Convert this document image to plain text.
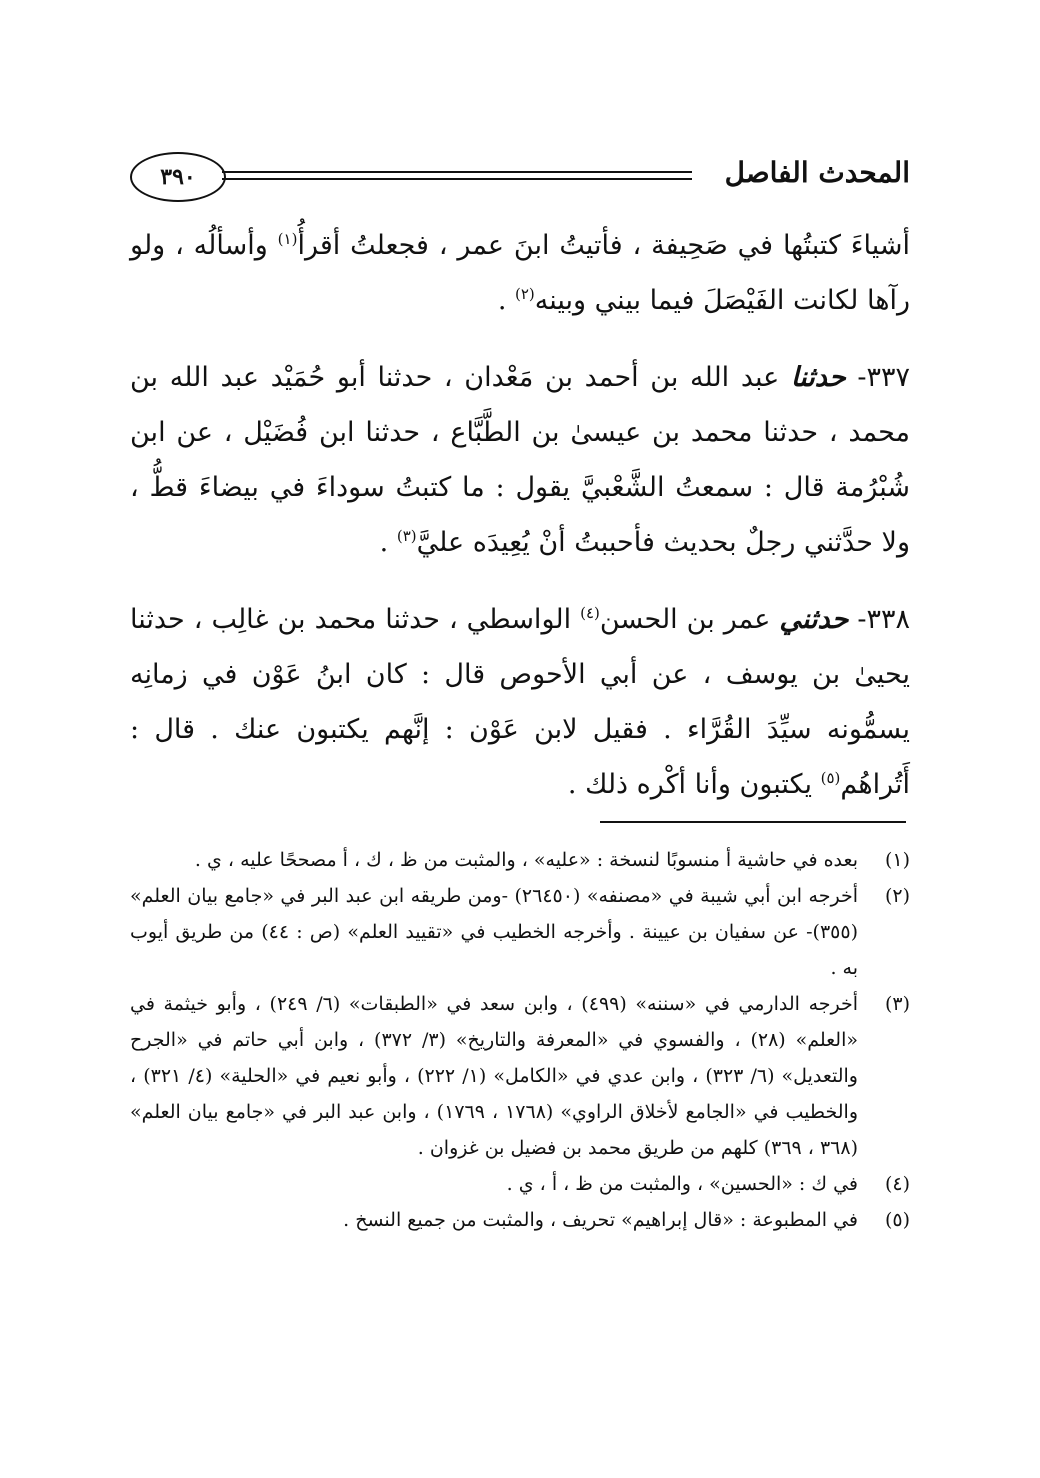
٣٩٠	المحدث الفاصل

أشياءَ كتبتُها في صَحِيفة ، فأتيتُ ابنَ عمر ، فجعلتُ أقرأُ$^{(١)}$ وأسألُه ، ولو رآها لكانت الفَيْصَلَ فيما بيني وبينه$^{(٢)}$ .

٣٣٧- حدثنا عبد الله بن أحمد بن مَعْدان ، حدثنا أبو حُمَيْد عبد الله بن محمد ، حدثنا محمد بن عيسىٰ بن الطَّبَّاع ، حدثنا ابن فُضَيْل ، عن ابن شُبْرُمة قال : سمعتُ الشَّعْبيَّ يقول : ما كتبتُ سوداءَ في بيضاءَ قطُّ ، ولا حدَّثني رجلٌ بحديث فأحببتُ أنْ يُعِيدَه عليَّ$^{(٣)}$ .

٣٣٨- حدثني عمر بن الحسن$^{(٤)}$ الواسطي ، حدثنا محمد بن غالِب ، حدثنا يحيىٰ بن يوسف ، عن أبي الأحوص قال : كان ابنُ عَوْن في زمانِه يسمُّونه سيِّدَ القُرَّاء . فقيل لابن عَوْن : إنَّهم يكتبون عنك . قال : أَتُراهُم$^{(٥)}$ يكتبون وأنا أكْره ذلك .

(١)
بعده في حاشية أ منسوبًا لنسخة : «عليه» ، والمثبت من ظ ، ك ، أ مصححًا عليه ، ي .
(٢)
أخرجه ابن أبي شيبة في «مصنفه» (٢٦٤٥٠) -ومن طريقه ابن عبد البر في «جامع بيان العلم» (٣٥٥)- عن سفيان بن عيينة . وأخرجه الخطيب في «تقييد العلم» (ص : ٤٤) من طريق أيوب به .
(٣)
أخرجه الدارمي في «سننه» (٤٩٩) ، وابن سعد في «الطبقات» (٦/ ٢٤٩) ، وأبو خيثمة في «العلم» (٢٨) ، والفسوي في «المعرفة والتاريخ» (٣/ ٣٧٢) ، وابن أبي حاتم في «الجرح والتعديل» (٦/ ٣٢٣) ، وابن عدي في «الكامل» (١/ ٢٢٢) ، وأبو نعيم في «الحلية» (٤/ ٣٢١) ، والخطيب في «الجامع لأخلاق الراوي» (١٧٦٨ ، ١٧٦٩) ، وابن عبد البر في «جامع بيان العلم» (٣٦٨ ، ٣٦٩) كلهم من طريق محمد بن فضيل بن غزوان .
(٤)
في ك : «الحسين» ، والمثبت من ظ ، أ ، ي .
(٥)
في المطبوعة : «قال إبراهيم» تحريف ، والمثبت من جميع النسخ .
